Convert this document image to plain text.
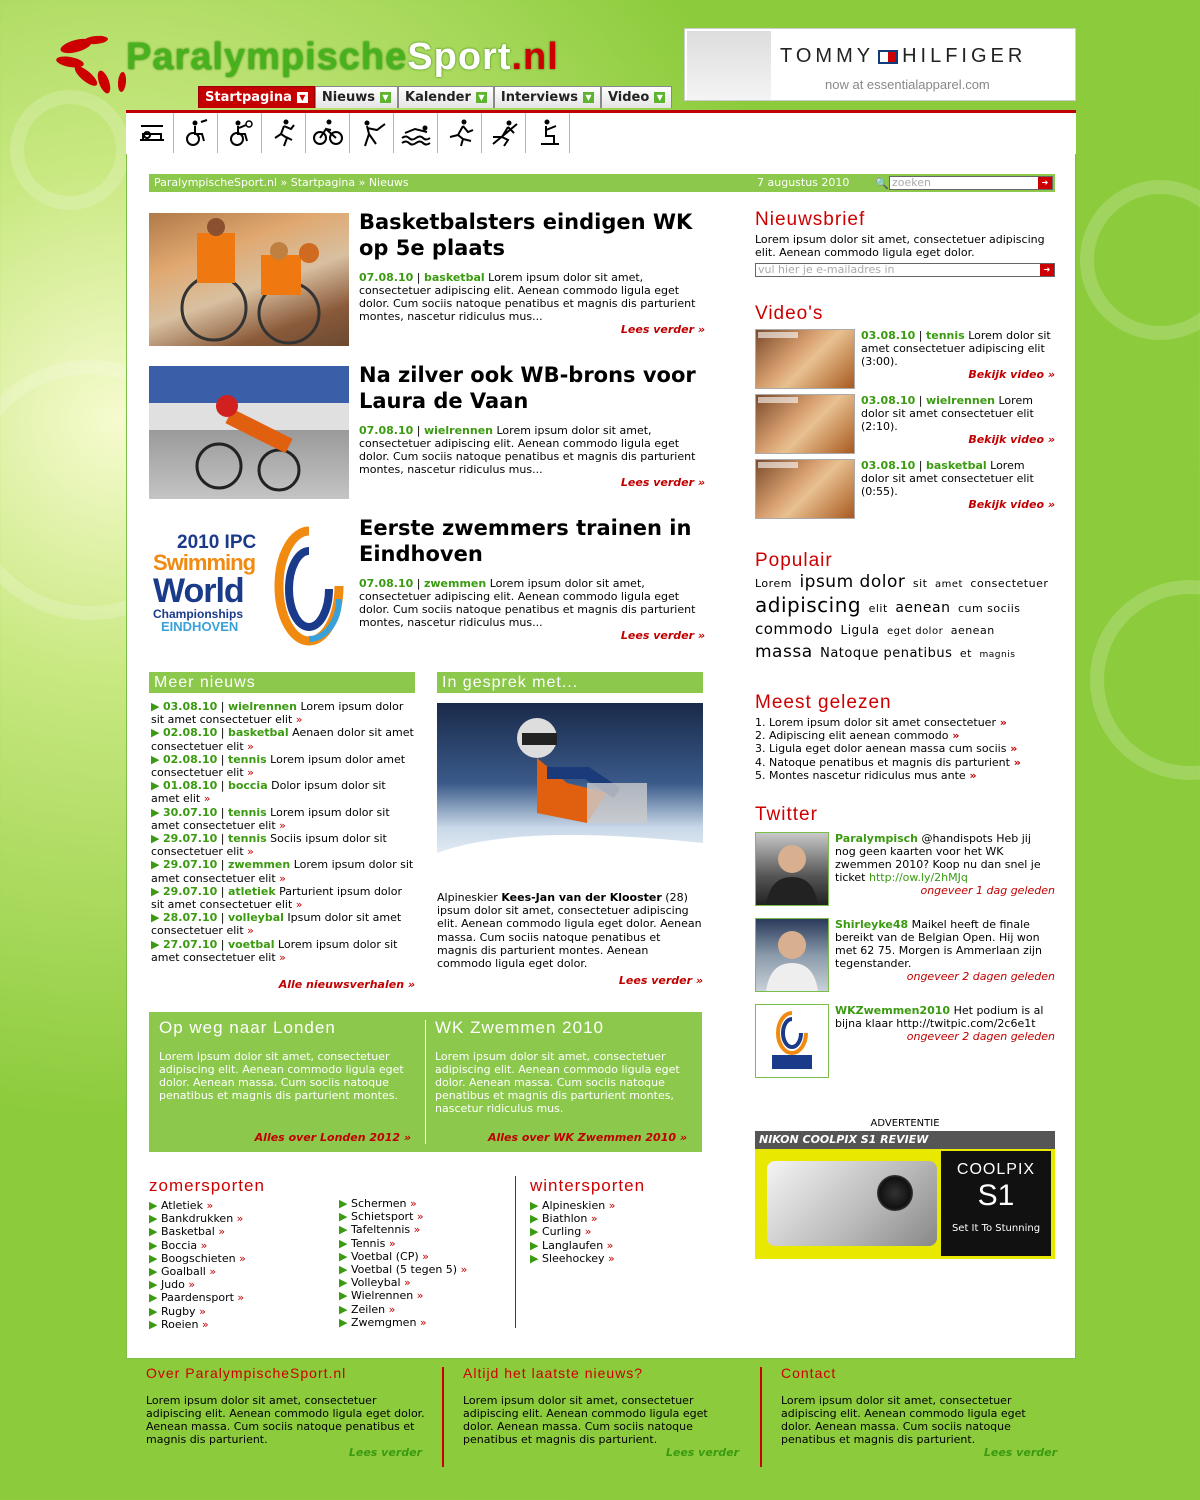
ParalympischeSport.nl	TOMMY HILFIGER
now at essentialapparel.com
Startpagina ▼ Nieuws ▼ Kalender ▼ Interviews ▼ Video ▼
ParalympischeSport.nl » Startpagina » Nieuws	7 augustus 2010 🔍 zoeken	➜
Basketbalsters eindigen WK op 5e plaats
07.08.10 | basketbal Lorem ipsum dolor sit amet, consectetuer adipiscing elit. Aenean commodo ligula eget dolor. Cum sociis natoque penatibus et magnis dis parturient montes, nascetur ridiculus mus...
Lees verder »
Na zilver ook WB-brons voor Laura de Vaan
07.08.10 | wielrennen Lorem ipsum dolor sit amet, consectetuer adipiscing elit. Aenean commodo ligula eget dolor. Cum sociis natoque penatibus et magnis dis parturient montes, nascetur ridiculus mus...
Lees verder »
2010 IPC
Swimming
World
Championships
EINDHOVEN
Eerste zwemmers trainen in Eindhoven
07.08.10 | zwemmen Lorem ipsum dolor sit amet, consectetuer adipiscing elit. Aenean commodo ligula eget dolor. Cum sociis natoque penatibus et magnis dis parturient montes, nascetur ridiculus mus...
Lees verder »
Meer nieuws
▶ 03.08.10 | wielrennen Lorem ipsum dolor sit amet consectetuer elit »
▶ 02.08.10 | basketbal Aenaen dolor sit amet consectetuer elit »
▶ 02.08.10 | tennis Lorem ipsum dolor amet consectetuer elit »
▶ 01.08.10 | boccia Dolor ipsum dolor sit amet elit »
▶ 30.07.10 | tennis Lorem ipsum dolor sit amet consectetuer elit »
▶ 29.07.10 | tennis Sociis ipsum dolor sit consectetuer elit »
▶ 29.07.10 | zwemmen Lorem ipsum dolor sit amet consectetuer elit »
▶ 29.07.10 | atletiek Parturient ipsum dolor sit amet consectetuer elit »
▶ 28.07.10 | volleybal Ipsum dolor sit amet consectetuer elit »
▶ 27.07.10 | voetbal Lorem ipsum dolor sit amet consectetuer elit »
Alle nieuwsverhalen »
In gesprek met...
Alpineskier Kees-Jan van der Klooster (28) ipsum dolor sit amet, consectetuer adipiscing elit. Aenean commodo ligula eget dolor. Aenean massa. Cum sociis natoque penatibus et magnis dis parturient montes. Aenean commodo ligula eget dolor.
Lees verder »
Op weg naar Londen

Lorem ipsum dolor sit amet, consectetuer adipiscing elit. Aenean commodo ligula eget dolor. Aenean massa. Cum sociis natoque penatibus et magnis dis parturient montes.

Alles over Londen 2012 »
WK Zwemmen 2010

Lorem ipsum dolor sit amet, consectetuer adipiscing elit. Aenean commodo ligula eget dolor. Aenean massa. Cum sociis natoque penatibus et magnis dis parturient montes, nascetur ridiculus mus.

Alles over WK Zwemmen 2010 »
zomersporten
▶ Atletiek »
▶ Bankdrukken »
▶ Basketbal »
▶ Boccia »
▶ Boogschieten »
▶ Goalball »
▶ Judo »
▶ Paardensport »
▶ Rugby »
▶ Roeien »
▶ Schermen »
▶ Schietsport »
▶ Tafeltennis »
▶ Tennis »
▶ Voetbal (CP) »
▶ Voetbal (5 tegen 5) »
▶ Volleybal »
▶ Wielrennen »
▶ Zeilen »
▶ Zwemgmen »
wintersporten
▶ Alpineskien »
▶ Biathlon »
▶ Curling »
▶ Langlaufen »
▶ Sleehockey »
Nieuwsbrief
Lorem ipsum dolor sit amet, consectetuer adipiscing elit. Aenean commodo ligula eget dolor.
vul hier je e-mailadres in	➜
Video's
03.08.10 | tennis Lorem dolor sit amet consectetuer adipiscing elit (3:00).
Bekijk video »
03.08.10 | wielrennen Lorem dolor sit amet consectetuer elit (2:10).
Bekijk video »
03.08.10 | basketbal Lorem dolor sit amet consectetuer elit (0:55).
Bekijk video »
Populair
Lorem ipsum dolor sit amet consectetuer adipiscing elit aenean cum sociis commodo Ligula eget dolor aenean massa Natoque penatibus et magnis
Meest gelezen
1. Lorem ipsum dolor sit amet consectetuer »
2. Adipiscing elit aenean commodo »
3. Ligula eget dolor aenean massa cum sociis »
4. Natoque penatibus et magnis dis parturient »
5. Montes nascetur ridiculus mus ante »
Twitter
Paralympisch @handispots Heb jij nog geen kaarten voor het WK zwemmen 2010? Koop nu dan snel je ticket http://ow.ly/2hMJq
ongeveer 1 dag geleden
Shirleyke48 Maikel heeft de finale bereikt van de Belgian Open. Hij won met 62 75. Morgen is Ammerlaan zijn tegenstander.
ongeveer 2 dagen geleden
WKZwemmen2010 Het podium is al bijna klaar http://twitpic.com/2c6e1t
ongeveer 2 dagen geleden
ADVERTENTIE
NIKON COOLPIX S1 REVIEW
COOLPIX
S1
Set It To Stunning
Over ParalympischeSport.nl
Lorem ipsum dolor sit amet, consectetuer adipiscing elit. Aenean commodo ligula eget dolor. Aenean massa. Cum sociis natoque penatibus et magnis dis parturient.
Lees verder
Altijd het laatste nieuws?
Lorem ipsum dolor sit amet, consectetuer adipiscing elit. Aenean commodo ligula eget dolor. Aenean massa. Cum sociis natoque penatibus et magnis dis parturient.
Lees verder
Contact
Lorem ipsum dolor sit amet, consectetuer adipiscing elit. Aenean commodo ligula eget dolor. Aenean massa. Cum sociis natoque penatibus et magnis dis parturient.
Lees verder
